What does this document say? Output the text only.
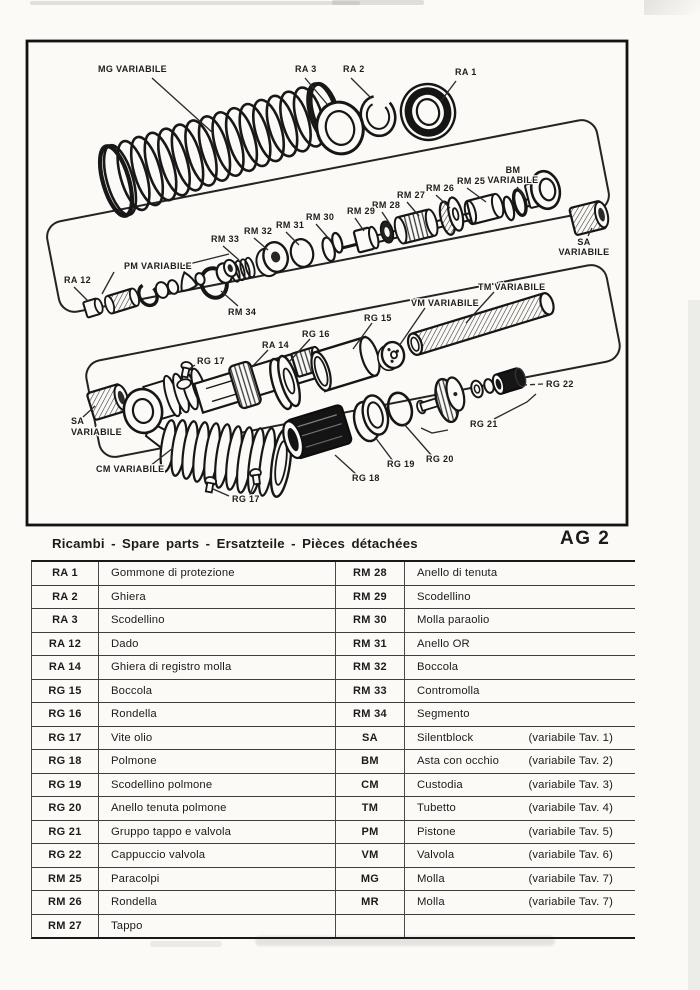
MG VARIABILE	RA 3	RA 2	RA 1
BM
VARIABILE
RM 25
RM 26
RM 27
RM 28
RM 29
SA
VARIABILE
RM 30
RM 31
RM 32
RM 33
PM VARIABILE
RA 12
RM 34
RG 16
RA 14
RG 17
TM VARIABILE
VM VARIABILE
RG 15
SA
VARIABILE
CM VARIABILE
RG 17
RG 18
RG 19 RG 20
RG 21
RG 22
Ricambi - Spare parts - Ersatzteile - Pièces détachées	AG 2
RA 1	Gommone di protezione	RM 28	Anello di tenuta
RA 2	Ghiera	RM 29	Scodellino
RA 3	Scodellino	RM 30	Molla paraolio
RA 12	Dado	RM 31	Anello OR
RA 14	Ghiera di registro molla	RM 32	Boccola
RG 15	Boccola	RM 33	Contromolla
RG 16	Rondella	RM 34	Segmento
RG 17	Vite olio	SA	Silentblock	(variabile Tav. 1)
RG 18	Polmone	BM	Asta con occhio	(variabile Tav. 2)
RG 19	Scodellino polmone	CM	Custodia	(variabile Tav. 3)
RG 20	Anello tenuta polmone	TM	Tubetto	(variabile Tav. 4)
RG 21	Gruppo tappo e valvola	PM	Pistone	(variabile Tav. 5)
RG 22	Cappuccio valvola	VM	Valvola	(variabile Tav. 6)
RM 25	Paracolpi	MG	Molla	(variabile Tav. 7)
RM 26	Rondella	MR	Molla	(variabile Tav. 7)
RM 27	Tappo
